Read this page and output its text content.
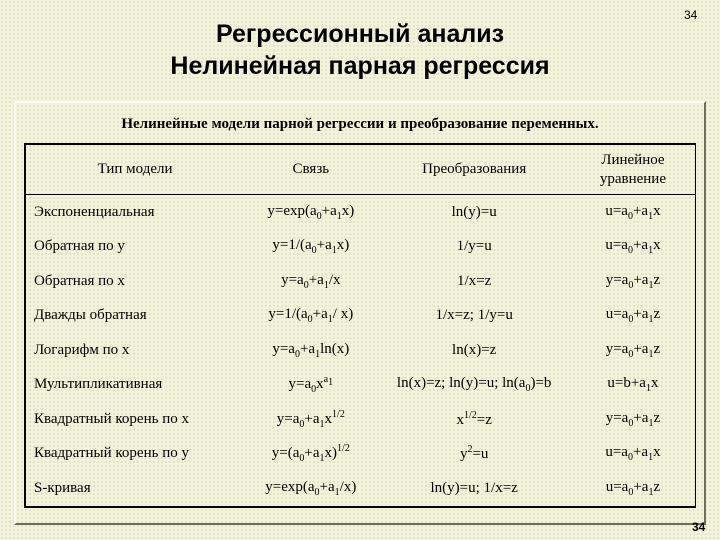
34
Регрессионный анализ
Нелинейная парная регрессия
Нелинейные модели парной регрессии и преобразование переменных.
Тип модели	Связь	Преобразования	Линейное уравнение
Экспоненциальная	$y=\exp(a_0+a_1x)$	ln(y)=u	$u=a_0+a_1x$
Обратная по y	$y=1/(a_0+a_1x)$	1/y=u	$u=a_0+a_1x$
Обратная по x	$y=a_0+a_1/x$	1/x=z	$y=a_0+a_1z$
Дважды обратная	$y=1/(a_0+a_1/$ x)	1/x=z; 1/y=u	$u=a_0+a_1z$
Логарифм по x	$y=a_0+a_1\ln(x)$	ln(x)=z	$y=a_0+a_1z$
Мультипликативная	$y=a_0x^{a_1}$	ln(x)=z; ln(y)=u; $\ln(a_0)=b$	$u=b+a_1x$
Квадратный корень по x	$y=a_0+a_1x^{1/2}$	$x^{1/2}=z$	$y=a_0+a_1z$
Квадратный корень по y	$y=(a_0+a_1x)^{1/2}$	$y^2=u$	$u=a_0+a_1x$
S-кривая	$y=\exp(a_0+a_1/x)$	ln(y)=u; 1/x=z	$u=a_0+a_1z$
34
